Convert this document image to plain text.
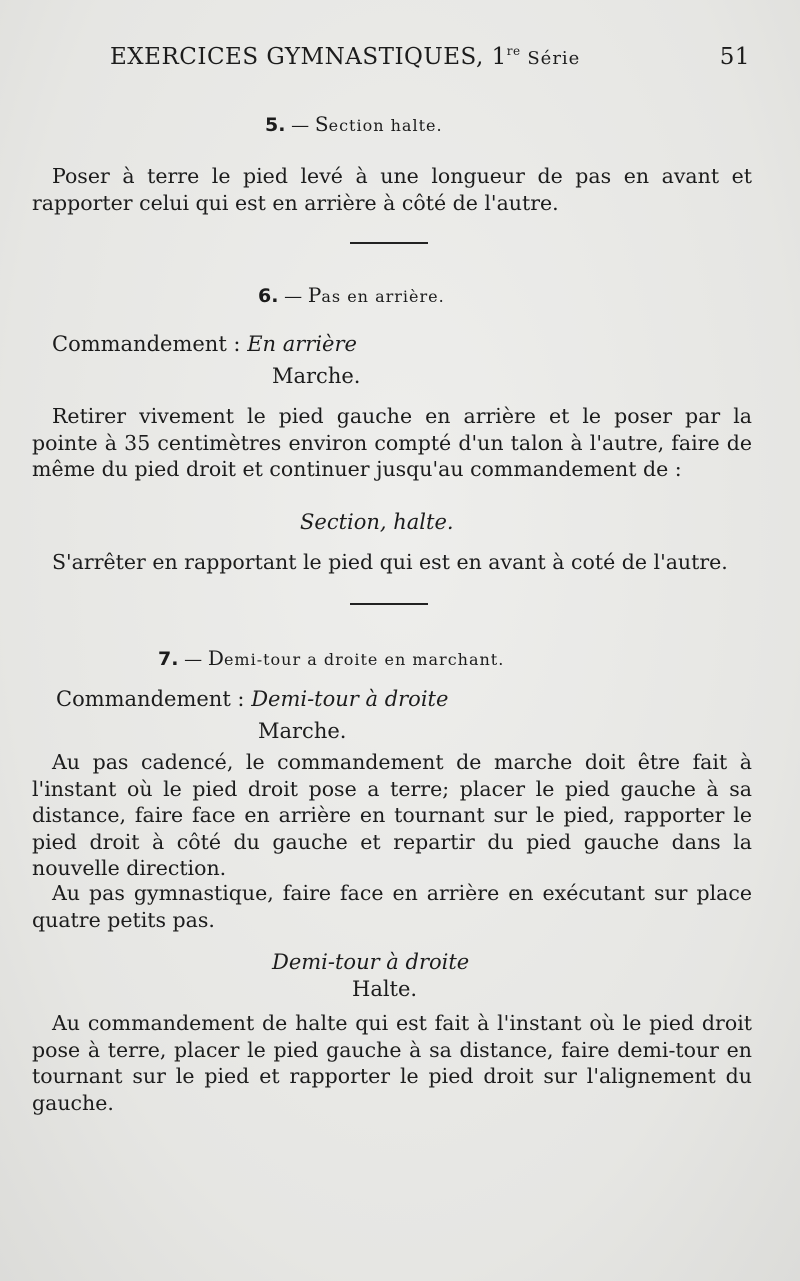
EXERCICES GYMNASTIQUES, 1re Série	51
5. — Section halte.
Poser à terre le pied levé à une longueur de pas en avant et rapporter celui qui est en arrière à côté de l'autre.
6. — Pas en arrière.
Commandement : En arrière
Marche.
Retirer vivement le pied gauche en arrière et le poser par la pointe à 35 centimètres environ compté d'un talon à l'autre, faire de même du pied droit et continuer jusqu'au commandement de :
Section, halte.
S'arrêter en rapportant le pied qui est en avant à coté de l'autre.
7. — Demi-tour a droite en marchant.
Commandement : Demi-tour à droite
Marche.
Au pas cadencé, le commandement de marche doit être fait à l'instant où le pied droit pose a terre; placer le pied gauche à sa distance, faire face en arrière en tournant sur le pied, rapporter le pied droit à côté du gauche et repartir du pied gauche dans la nouvelle direction.
Au pas gymnastique, faire face en arrière en exécutant sur place quatre petits pas.
Demi-tour à droite
Halte.
Au commandement de halte qui est fait à l'instant où le pied droit pose à terre, placer le pied gauche à sa distance, faire demi-tour en tournant sur le pied et rapporter le pied droit sur l'alignement du gauche.
